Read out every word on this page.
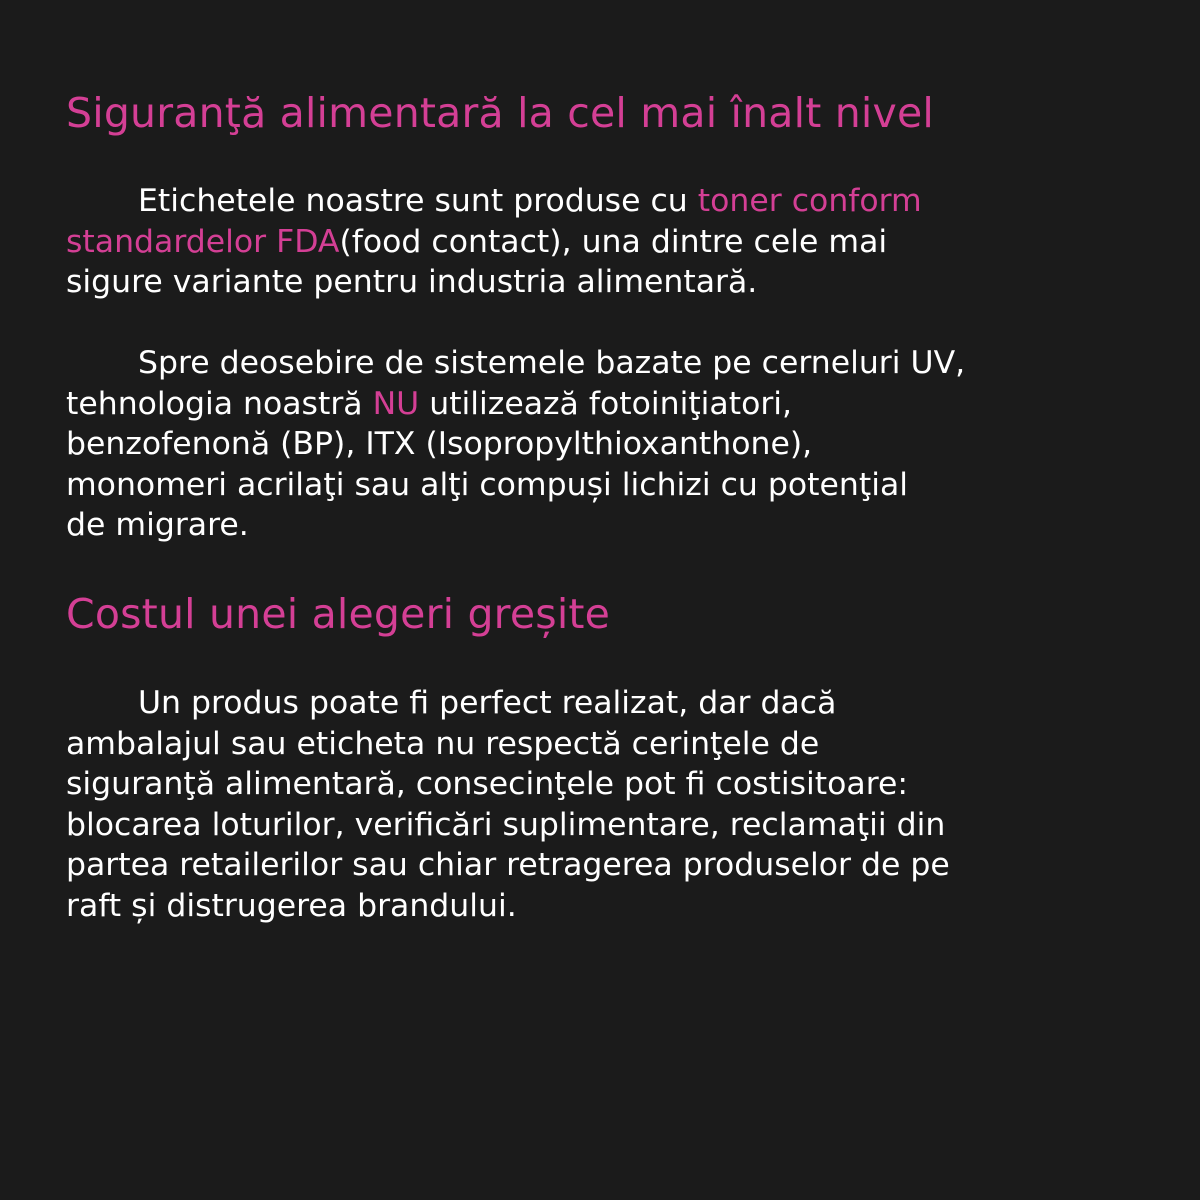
Siguranţă alimentară la cel mai înalt nivel

Etichetele noastre sunt produse cu toner conform
standardelor FDA(food contact), una dintre cele mai
sigure variante pentru industria alimentară.

Spre deosebire de sistemele bazate pe cerneluri UV,
tehnologia noastră NU utilizează fotoiniţiatori,
benzofenonă (BP), ITX (Isopropylthioxanthone),
monomeri acrilaţi sau alţi compuși lichizi cu potenţial
de migrare.

Costul unei alegeri greșite

Un produs poate fi perfect realizat, dar dacă
ambalajul sau eticheta nu respectă cerinţele de
siguranţă alimentară, consecinţele pot fi costisitoare:
blocarea loturilor, verificări suplimentare, reclamaţii din
partea retailerilor sau chiar retragerea produselor de pe
raft și distrugerea brandului.
